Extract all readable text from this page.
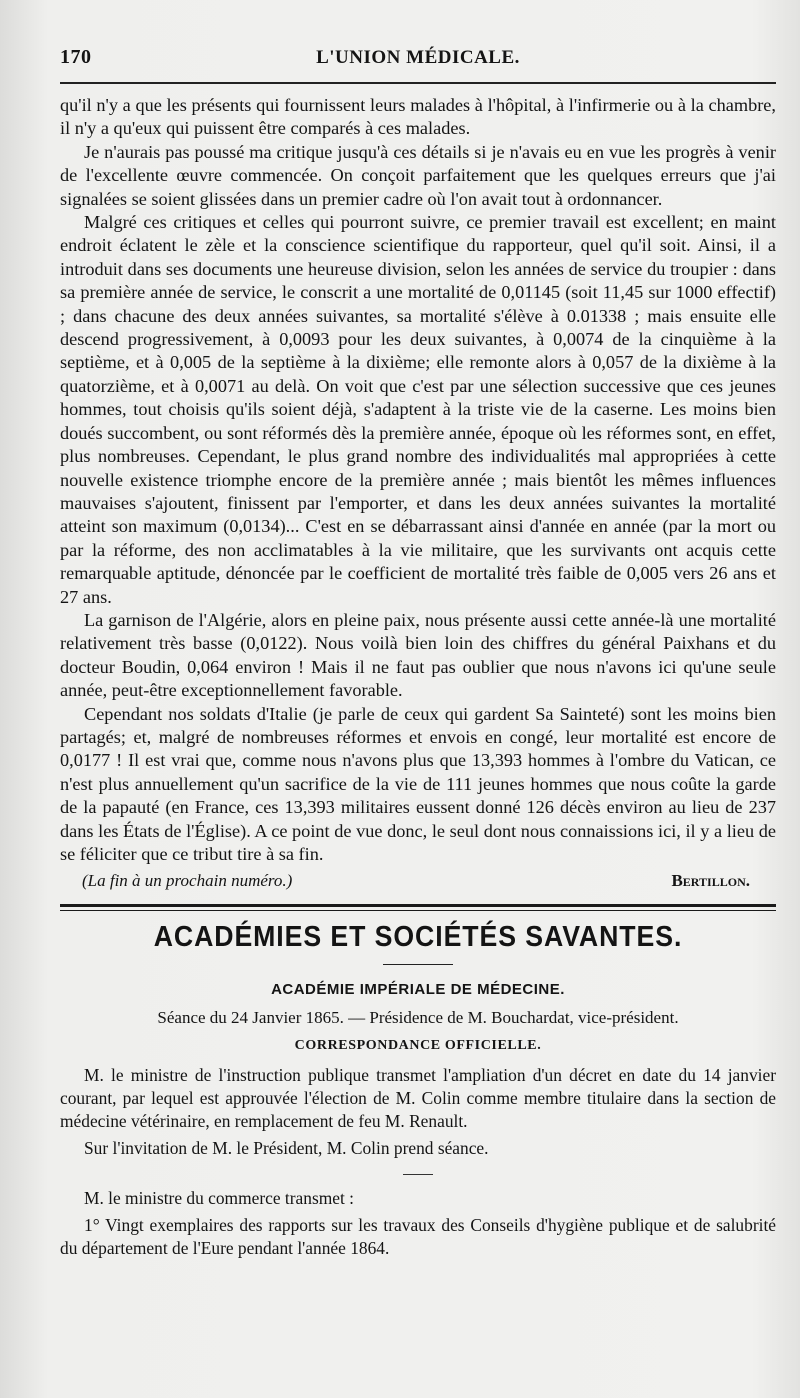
170	L'UNION MÉDICALE.

qu'il n'y a que les présents qui fournissent leurs malades à l'hôpital, à l'infirmerie ou à la chambre, il n'y a qu'eux qui puissent être comparés à ces malades.

Je n'aurais pas poussé ma critique jusqu'à ces détails si je n'avais eu en vue les progrès à venir de l'excellente œuvre commencée. On conçoit parfaitement que les quelques erreurs que j'ai signalées se soient glissées dans un premier cadre où l'on avait tout à ordonnancer.

Malgré ces critiques et celles qui pourront suivre, ce premier travail est excellent; en maint endroit éclatent le zèle et la conscience scientifique du rapporteur, quel qu'il soit. Ainsi, il a introduit dans ses documents une heureuse division, selon les années de service du troupier : dans sa première année de service, le conscrit a une mortalité de 0,01145 (soit 11,45 sur 1000 effectif) ; dans chacune des deux années suivantes, sa mortalité s'élève à 0.01338 ; mais ensuite elle descend progressivement, à 0,0093 pour les deux suivantes, à 0,0074 de la cinquième à la septième, et à 0,005 de la septième à la dixième; elle remonte alors à 0,057 de la dixième à la quatorzième, et à 0,0071 au delà. On voit que c'est par une sélection successive que ces jeunes hommes, tout choisis qu'ils soient déjà, s'adaptent à la triste vie de la caserne. Les moins bien doués succombent, ou sont réformés dès la première année, époque où les réformes sont, en effet, plus nombreuses. Cependant, le plus grand nombre des individualités mal appropriées à cette nouvelle existence triomphe encore de la première année ; mais bientôt les mêmes influences mauvaises s'ajoutent, finissent par l'emporter, et dans les deux années suivantes la mortalité atteint son maximum (0,0134)... C'est en se débarrassant ainsi d'année en année (par la mort ou par la réforme, des non acclimatables à la vie militaire, que les survivants ont acquis cette remarquable aptitude, dénoncée par le coefficient de mortalité très faible de 0,005 vers 26 ans et 27 ans.

La garnison de l'Algérie, alors en pleine paix, nous présente aussi cette année-là une mortalité relativement très basse (0,0122). Nous voilà bien loin des chiffres du général Paixhans et du docteur Boudin, 0,064 environ ! Mais il ne faut pas oublier que nous n'avons ici qu'une seule année, peut-être exceptionnellement favorable.

Cependant nos soldats d'Italie (je parle de ceux qui gardent Sa Sainteté) sont les moins bien partagés; et, malgré de nombreuses réformes et envois en congé, leur mortalité est encore de 0,0177 ! Il est vrai que, comme nous n'avons plus que 13,393 hommes à l'ombre du Vatican, ce n'est plus annuellement qu'un sacrifice de la vie de 111 jeunes hommes que nous coûte la garde de la papauté (en France, ces 13,393 militaires eussent donné 126 décès environ au lieu de 237 dans les États de l'Église). A ce point de vue donc, le seul dont nous connaissions ici, il y a lieu de se féliciter que ce tribut tire à sa fin.

(La fin à un prochain numéro.)	Bertillon.
ACADÉMIES ET SOCIÉTÉS SAVANTES.
ACADÉMIE IMPÉRIALE DE MÉDECINE.
Séance du 24 Janvier 1865. — Présidence de M. Bouchardat, vice-président.
CORRESPONDANCE OFFICIELLE.

M. le ministre de l'instruction publique transmet l'ampliation d'un décret en date du 14 janvier courant, par lequel est approuvée l'élection de M. Colin comme membre titulaire dans la section de médecine vétérinaire, en remplacement de feu M. Renault.

Sur l'invitation de M. le Président, M. Colin prend séance.

M. le ministre du commerce transmet :

1° Vingt exemplaires des rapports sur les travaux des Conseils d'hygiène publique et de salubrité du département de l'Eure pendant l'année 1864.
